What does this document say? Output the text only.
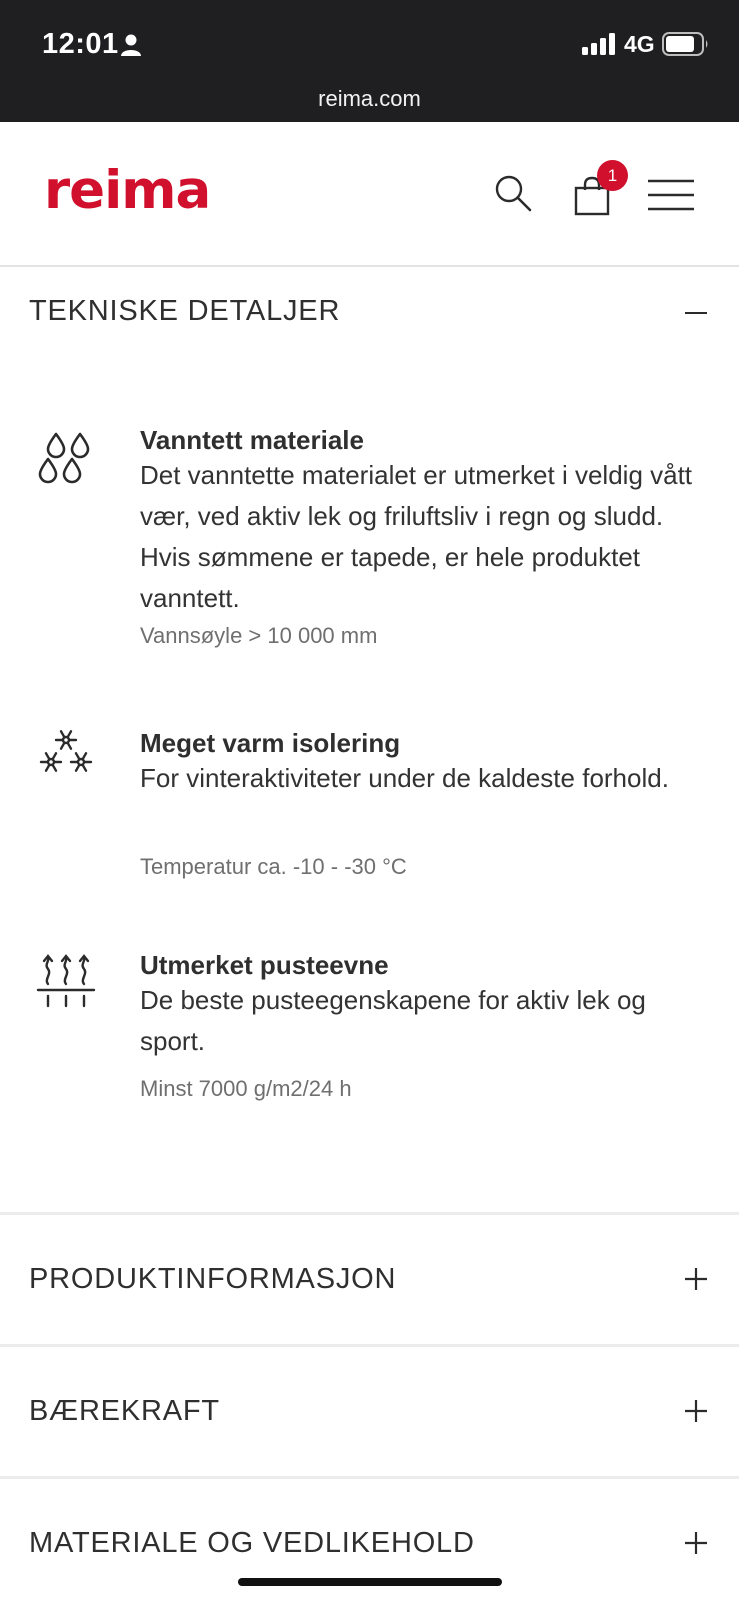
12:01	4G
reima.com
reima	1
TEKNISKE DETALJER
Vanntett materiale

Det vanntette materialet er utmerket i veldig vått vær, ved aktiv lek og friluftsliv i regn og sludd. Hvis sømmene er tapede, er hele produktet vanntett.

Vannsøyle > 10 000 mm
Meget varm isolering

For vinteraktiviteter under de kaldeste forhold.

Temperatur ca. -10 - -30 °C
Utmerket pusteevne

De beste pusteegenskapene for aktiv lek og sport.

Minst 7000 g/m2/24 h
PRODUKTINFORMASJON
BÆREKRAFT
MATERIALE OG VEDLIKEHOLD
